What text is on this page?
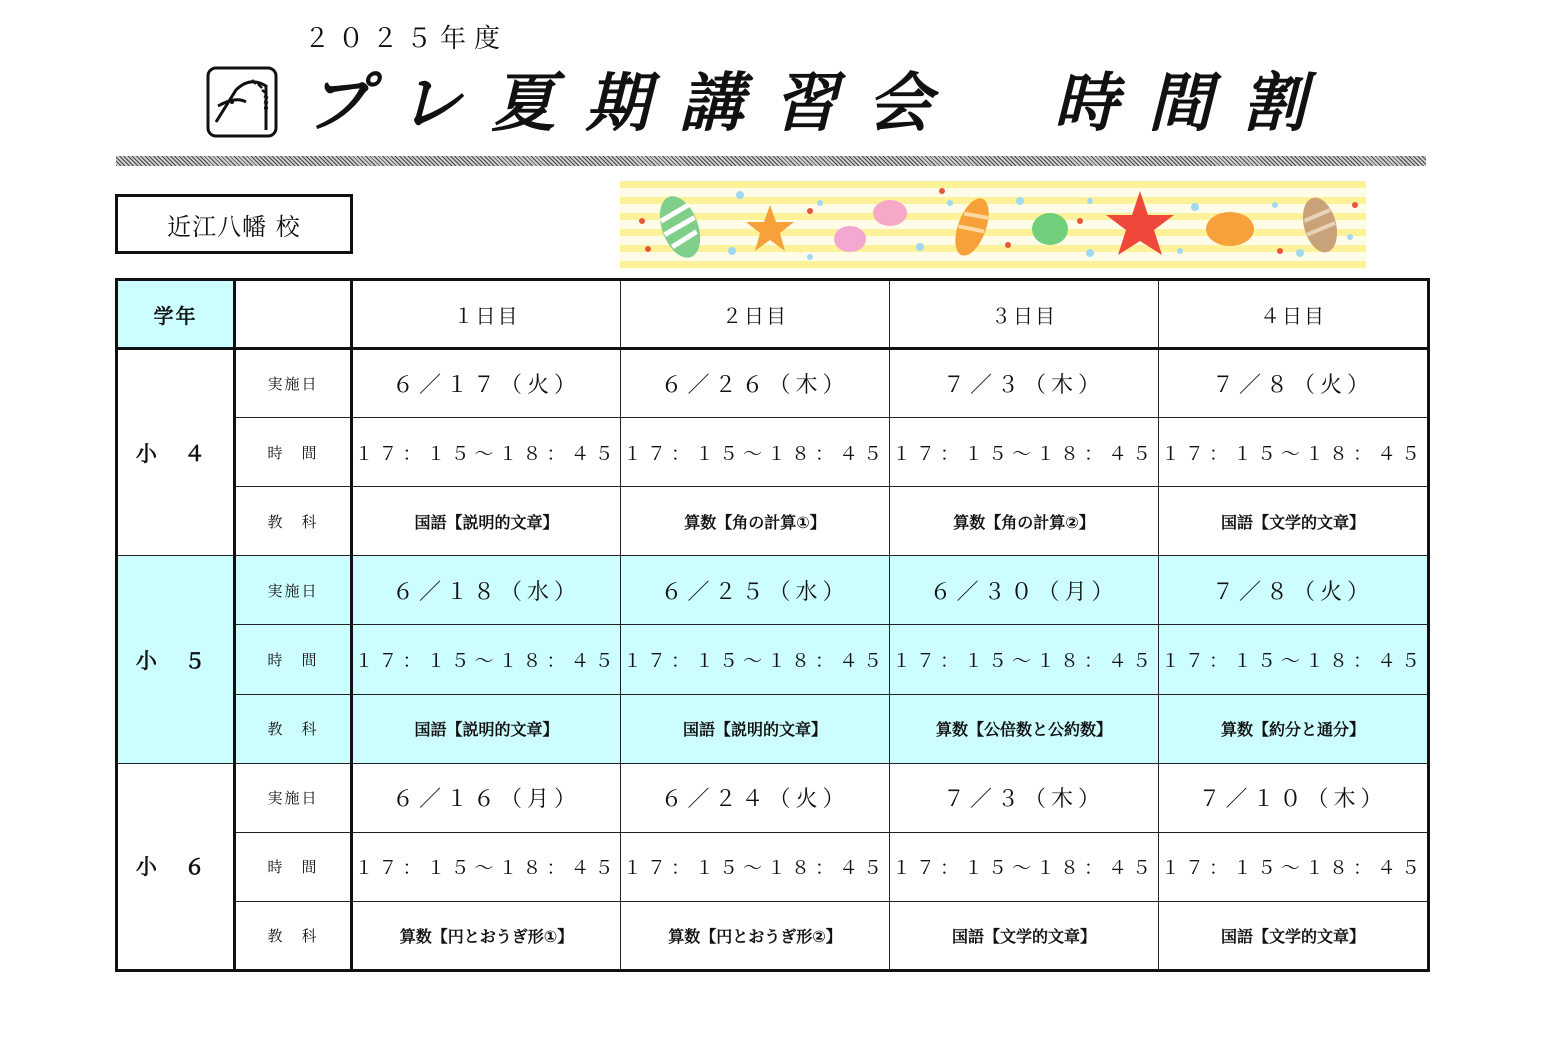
２０２５年度
プレ夏期講習会 時間割
近江八幡 校
学年		１日目	２日目	３日目	４日目
小 ４	実施日	６／１７（火）	６／２６（木）	７／３（木）	７／８（火）
	時　間	１７：１５～１８：４５	１７：１５～１８：４５	１７：１５～１８：４５	１７：１５～１８：４５
	教　科	国語【説明的文章】	算数【角の計算①】	算数【角の計算②】	国語【文学的文章】
小 ５	実施日	６／１８（水）	６／２５（水）	６／３０（月）	７／８（火）
	時　間	１７：１５～１８：４５	１７：１５～１８：４５	１７：１５～１８：４５	１７：１５～１８：４５
	教　科	国語【説明的文章】	国語【説明的文章】	算数【公倍数と公約数】	算数【約分と通分】
小 ６	実施日	６／１６（月）	６／２４（火）	７／３（木）	７／１０（木）
	時　間	１７：１５～１８：４５	１７：１５～１８：４５	１７：１５～１８：４５	１７：１５～１８：４５
	教　科	算数【円とおうぎ形①】	算数【円とおうぎ形②】	国語【文学的文章】	国語【文学的文章】
